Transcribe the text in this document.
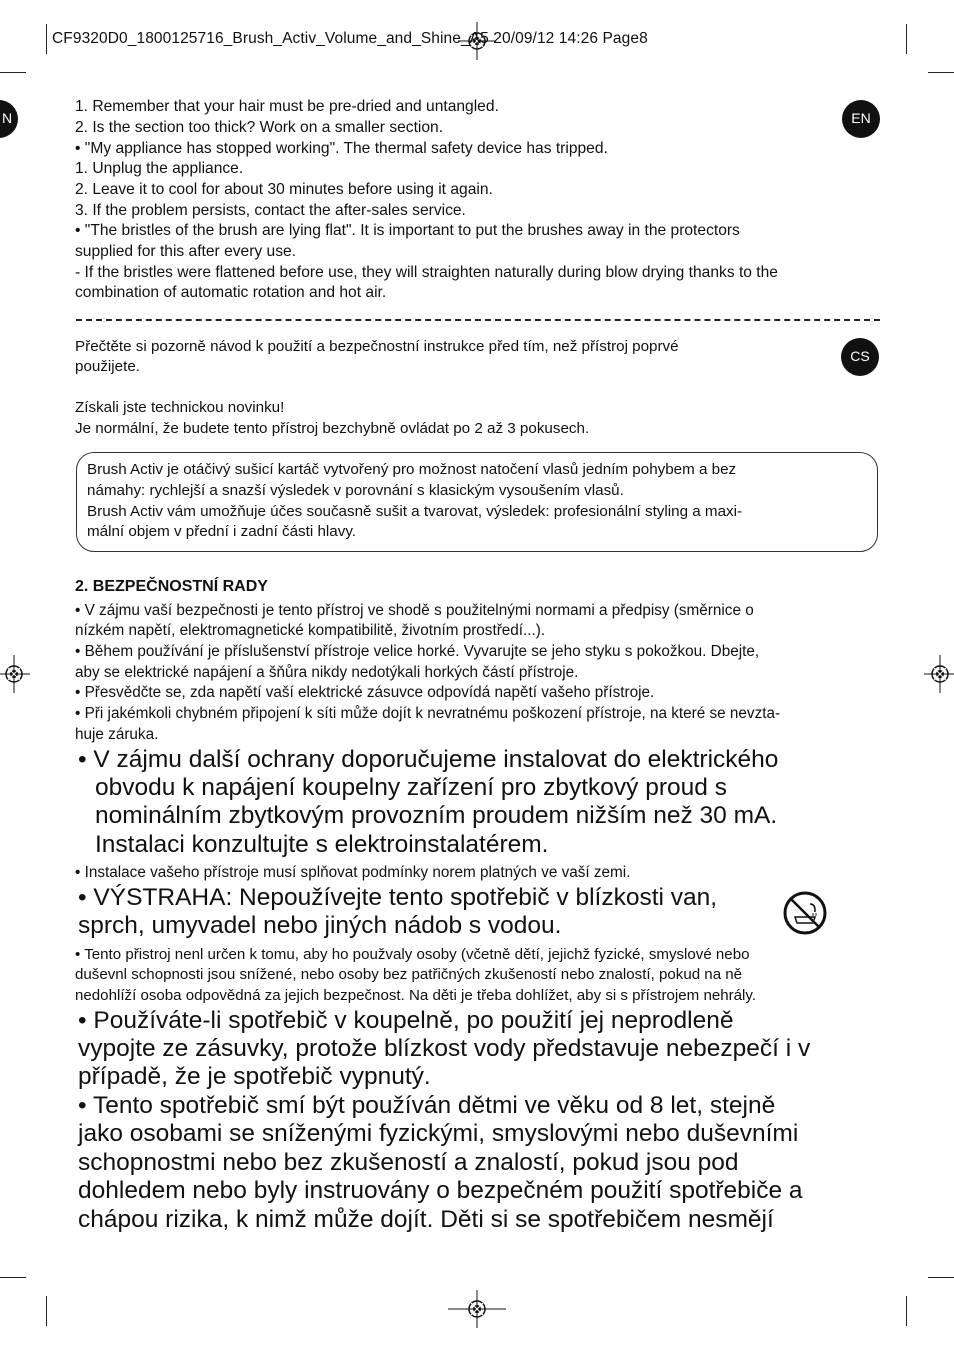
CF9320D0_1800125716_Brush_Activ_Volume_and_Shine_A5 20/09/12 14:26 Page8
N	EN
CS
1. Remember that your hair must be pre-dried and untangled.
2. Is the section too thick? Work on a smaller section.
• "My appliance has stopped working". The thermal safety device has tripped.
1. Unplug the appliance.
2. Leave it to cool for about 30 minutes before using it again.
3. If the problem persists, contact the after-sales service.
• "The bristles of the brush are lying flat". It is important to put the brushes away in the protectors
supplied for this after every use.
- If the bristles were flattened before use, they will straighten naturally during blow drying thanks to the
combination of automatic rotation and hot air.
Přečtěte si pozorně návod k použití a bezpečnostní instrukce před tím, než přístroj poprvé
použijete.
Získali jste technickou novinku!
Je normální, že budete tento přístroj bezchybně ovládat po 2 až 3 pokusech.
Brush Activ je otáčivý sušicí kartáč vytvořený pro možnost natočení vlasů jedním pohybem a bez
námahy: rychlejší a snazší výsledek v porovnání s klasickým vysoušením vlasů.
Brush Activ vám umožňuje účes současně sušit a tvarovat, výsledek: profesionální styling a maxi-
mální objem v přední i zadní části hlavy.
2. BEZPEČNOSTNÍ RADY
• V zájmu vaší bezpečnosti je tento přístroj ve shodě s použitelnými normami a předpisy (směrnice o
nízkém napětí, elektromagnetické kompatibilitě, životním prostředí...).
• Během používání je příslušenství přístroje velice horké. Vyvarujte se jeho styku s pokožkou. Dbejte,
aby se elektrické napájení a šňůra nikdy nedotýkali horkých částí přístroje.
• Přesvědčte se, zda napětí vaší elektrické zásuvce odpovídá napětí vašeho přístroje.
• Při jakémkoli chybném připojení k síti může dojít k nevratnému poškození přístroje, na které se nevzta-
huje záruka.
• V zájmu další ochrany doporučujeme instalovat do elektrického
obvodu k napájení koupelny zařízení pro zbytkový proud s
nominálním zbytkovým provozním proudem nižším než 30 mA.
Instalaci konzultujte s elektroinstalatérem.
• Instalace vašeho přístroje musí splňovat podmínky norem platných ve vaší zemi.
• VÝSTRAHA: Nepoužívejte tento spotřebič v blízkosti van,
sprch, umyvadel nebo jiných nádob s vodou.
• Tento přistroj nenl určen k tomu, aby ho použvaly osoby (včetně dětí, jejichž fyzické, smyslové nebo
duševnl schopnosti jsou snížené, nebo osoby bez patřičných zkušeností nebo znalostí, pokud na ně
nedohlíží osoba odpovědná za jejich bezpečnost. Na děti je třeba dohlížet, aby si s přístrojem nehrály.
• Používáte-li spotřebič v koupelně, po použití jej neprodleně
vypojte ze zásuvky, protože blízkost vody představuje nebezpečí i v
případě, že je spotřebič vypnutý.
• Tento spotřebič smí být používán dětmi ve věku od 8 let, stejně
jako osobami se sníženými fyzickými, smyslovými nebo duševními
schopnostmi nebo bez zkušeností a znalostí, pokud jsou pod
dohledem nebo byly instruovány o bezpečném použití spotřebiče a
chápou rizika, k nimž může dojít. Děti si se spotřebičem nesmějí
